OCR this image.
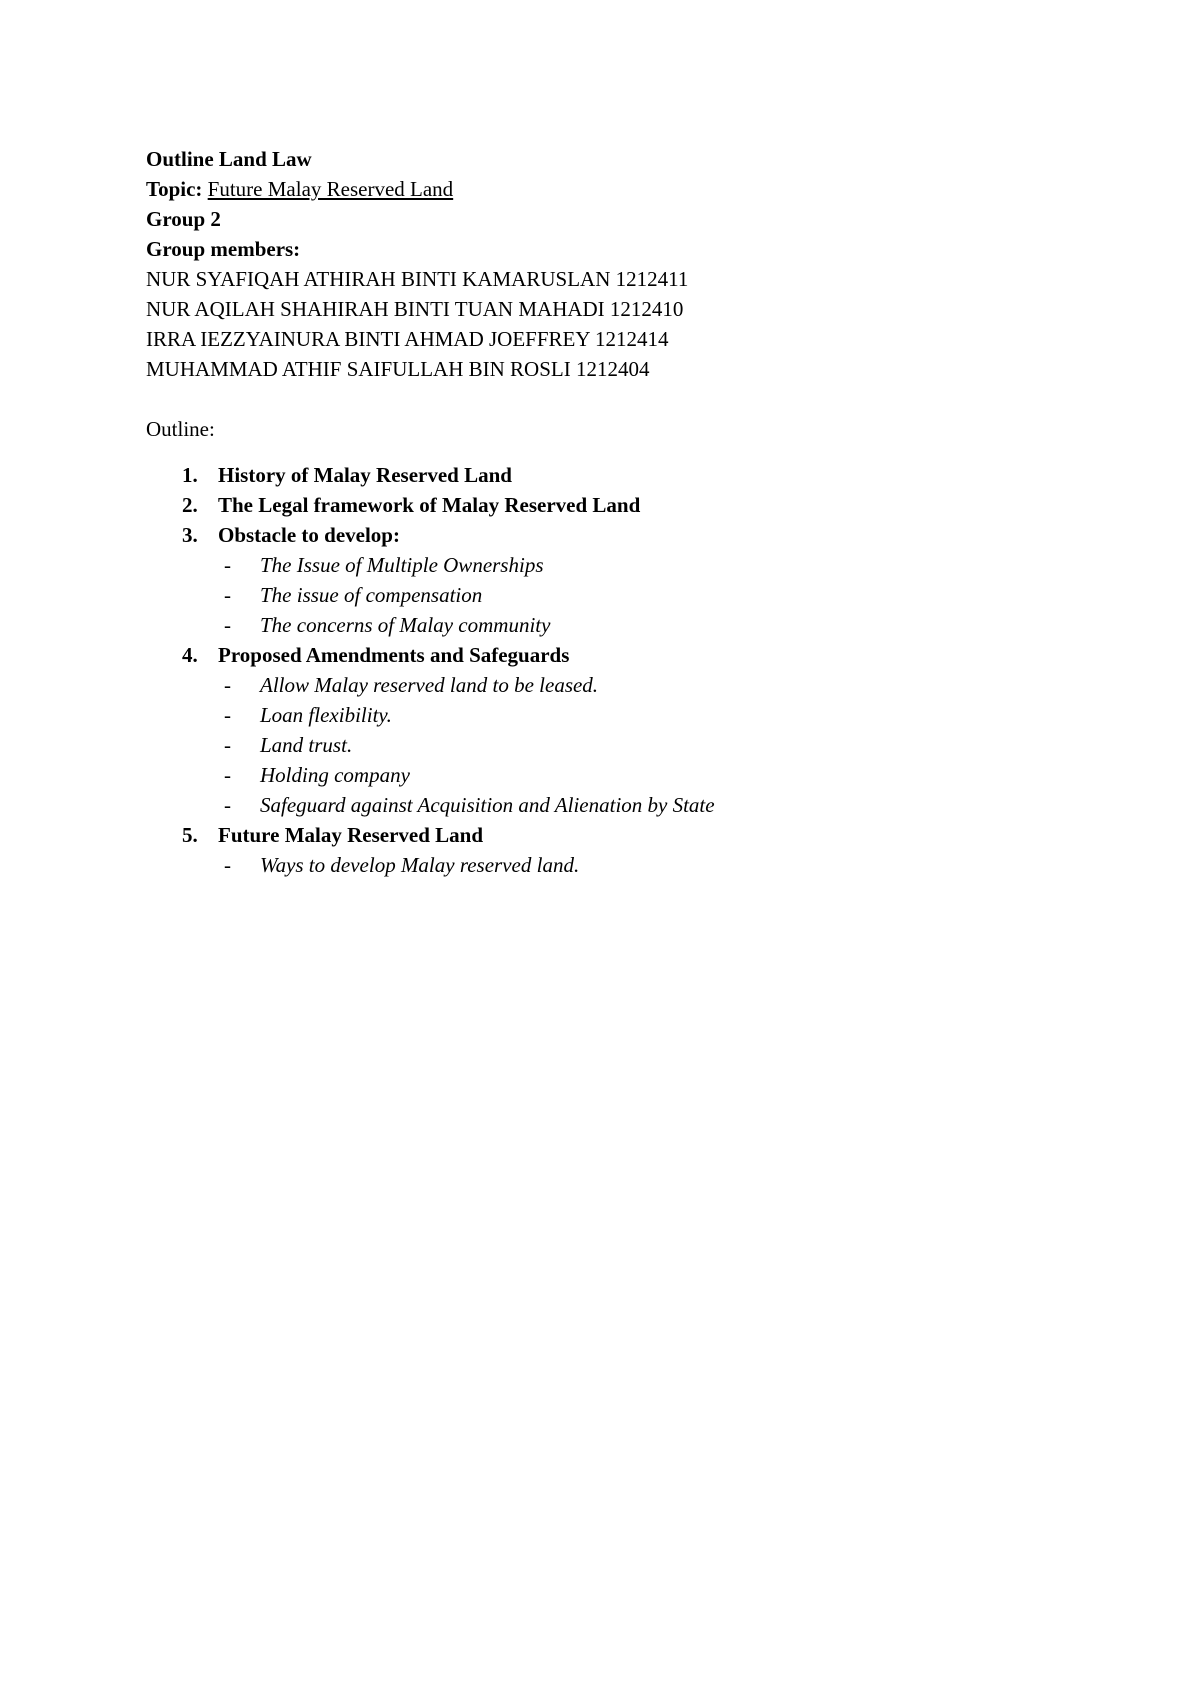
Outline Land Law
Topic: Future Malay Reserved Land
Group 2
Group members:
NUR SYAFIQAH ATHIRAH BINTI KAMARUSLAN 1212411
NUR AQILAH SHAHIRAH BINTI TUAN MAHADI 1212410
IRRA IEZZYAINURA BINTI AHMAD JOEFFREY 1212414
MUHAMMAD ATHIF SAIFULLAH BIN ROSLI 1212404
Outline:
1. History of Malay Reserved Land
2. The Legal framework of Malay Reserved Land
3. Obstacle to develop:
- The Issue of Multiple Ownerships
- The issue of compensation
- The concerns of Malay community
4. Proposed Amendments and Safeguards
- Allow Malay reserved land to be leased.
- Loan flexibility.
- Land trust.
- Holding company
- Safeguard against Acquisition and Alienation by State
5. Future Malay Reserved Land
- Ways to develop Malay reserved land.
